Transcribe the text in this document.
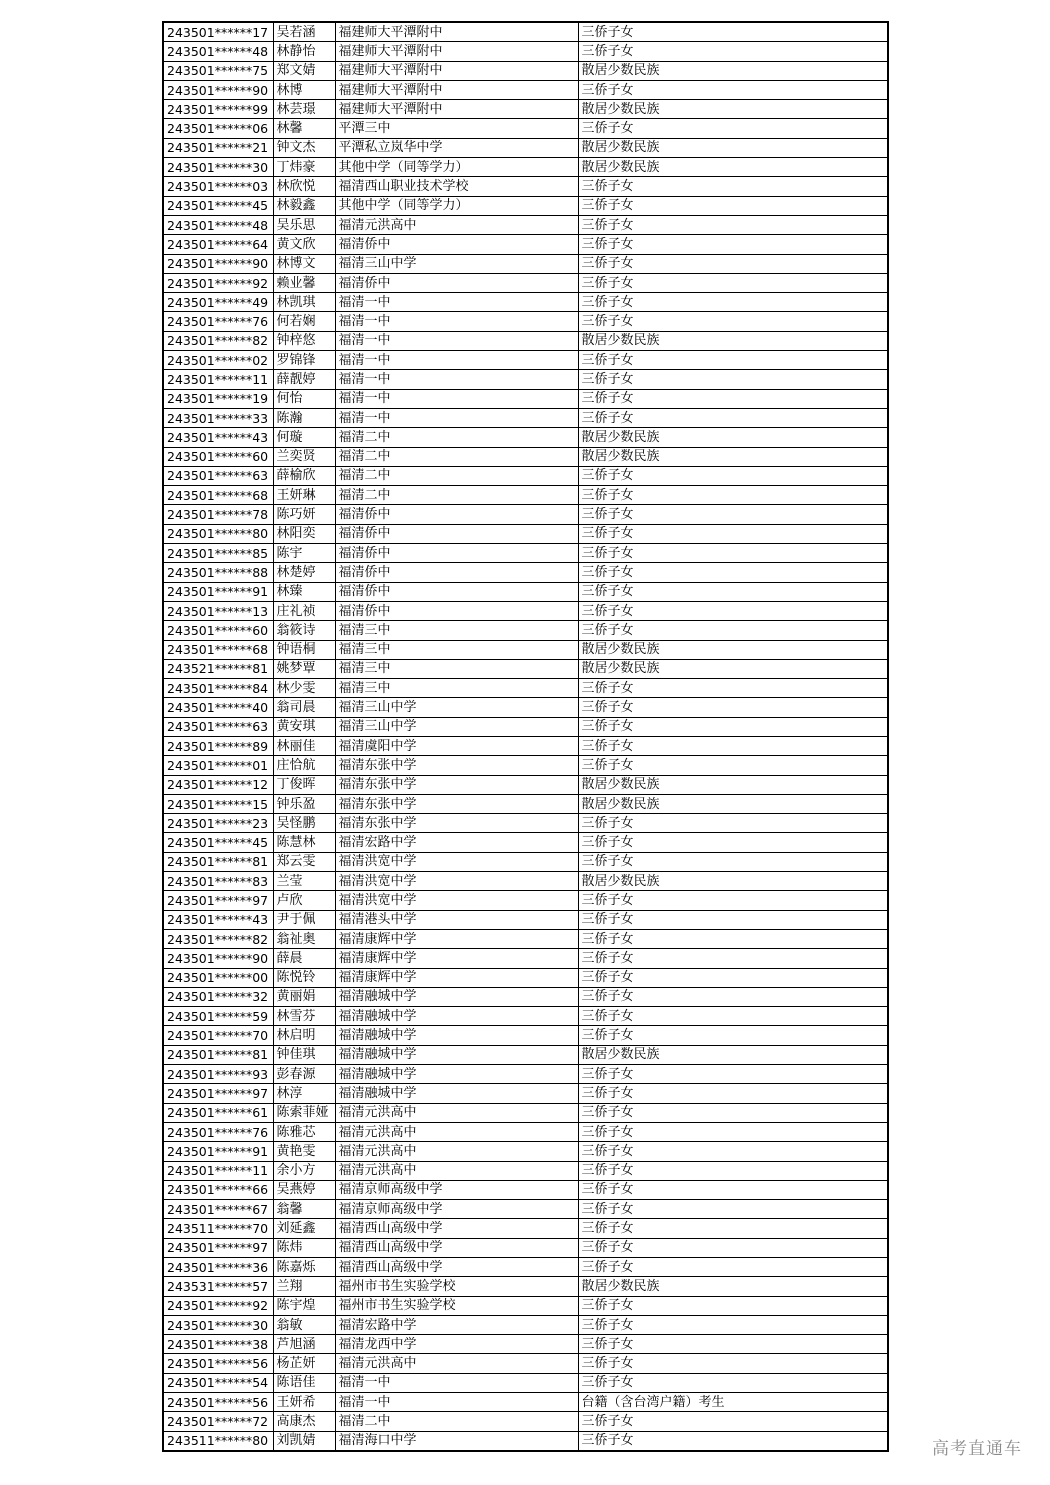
243501******17	吴若涵	福建师大平潭附中	三侨子女
243501******48	林静怡	福建师大平潭附中	三侨子女
243501******75	郑文婧	福建师大平潭附中	散居少数民族
243501******90	林博	福建师大平潭附中	三侨子女
243501******99	林芸璟	福建师大平潭附中	散居少数民族
243501******06	林馨	平潭三中	三侨子女
243501******21	钟文杰	平潭私立岚华中学	散居少数民族
243501******30	丁炜豪	其他中学（同等学力）	散居少数民族
243501******03	林欣悦	福清西山职业技术学校	三侨子女
243501******45	林毅鑫	其他中学（同等学力）	三侨子女
243501******48	吴乐思	福清元洪高中	三侨子女
243501******64	黄文欣	福清侨中	三侨子女
243501******90	林博文	福清三山中学	三侨子女
243501******92	赖业馨	福清侨中	三侨子女
243501******49	林凯琪	福清一中	三侨子女
243501******76	何若娴	福清一中	三侨子女
243501******82	钟梓悠	福清一中	散居少数民族
243501******02	罗锦锋	福清一中	三侨子女
243501******11	薛靓婷	福清一中	三侨子女
243501******19	何怡	福清一中	三侨子女
243501******33	陈瀚	福清一中	三侨子女
243501******43	何璇	福清二中	散居少数民族
243501******60	兰奕贤	福清二中	散居少数民族
243501******63	薛榆欣	福清二中	三侨子女
243501******68	王妍琳	福清二中	三侨子女
243501******78	陈巧妍	福清侨中	三侨子女
243501******80	林阳奕	福清侨中	三侨子女
243501******85	陈宇	福清侨中	三侨子女
243501******88	林楚婷	福清侨中	三侨子女
243501******91	林臻	福清侨中	三侨子女
243501******13	庄礼祯	福清侨中	三侨子女
243501******60	翁筱诗	福清三中	三侨子女
243501******68	钟语桐	福清三中	散居少数民族
243521******81	姚梦覃	福清三中	散居少数民族
243501******84	林少雯	福清三中	三侨子女
243501******40	翁司晨	福清三山中学	三侨子女
243501******63	黄安琪	福清三山中学	三侨子女
243501******89	林丽佳	福清虞阳中学	三侨子女
243501******01	庄恰航	福清东张中学	三侨子女
243501******12	丁俊晖	福清东张中学	散居少数民族
243501******15	钟乐盈	福清东张中学	散居少数民族
243501******23	吴怪鹏	福清东张中学	三侨子女
243501******45	陈慧林	福清宏路中学	三侨子女
243501******81	郑云雯	福清洪宽中学	三侨子女
243501******83	兰莹	福清洪宽中学	散居少数民族
243501******97	卢欣	福清洪宽中学	三侨子女
243501******43	尹于佩	福清港头中学	三侨子女
243501******82	翁祉奥	福清康辉中学	三侨子女
243501******90	薛晨	福清康辉中学	三侨子女
243501******00	陈悦铃	福清康辉中学	三侨子女
243501******32	黄丽娟	福清融城中学	三侨子女
243501******59	林雪芬	福清融城中学	三侨子女
243501******70	林启明	福清融城中学	三侨子女
243501******81	钟佳琪	福清融城中学	散居少数民族
243501******93	彭春源	福清融城中学	三侨子女
243501******97	林淳	福清融城中学	三侨子女
243501******61	陈索菲娅	福清元洪高中	三侨子女
243501******76	陈雅芯	福清元洪高中	三侨子女
243501******91	黄艳雯	福清元洪高中	三侨子女
243501******11	余小方	福清元洪高中	三侨子女
243501******66	吴燕婷	福清京师高级中学	三侨子女
243501******67	翁馨	福清京师高级中学	三侨子女
243511******70	刘延鑫	福清西山高级中学	三侨子女
243501******97	陈炜	福清西山高级中学	三侨子女
243501******36	陈嘉烁	福清西山高级中学	三侨子女
243531******57	兰翔	福州市书生实验学校	散居少数民族
243501******92	陈宇煌	福州市书生实验学校	三侨子女
243501******30	翁敏	福清宏路中学	三侨子女
243501******38	芦旭涵	福清龙西中学	三侨子女
243501******56	杨芷妍	福清元洪高中	三侨子女
243501******54	陈语佳	福清一中	三侨子女
243501******56	王妍希	福清一中	台籍（含台湾户籍）考生
243501******72	高康杰	福清二中	三侨子女
243511******80	刘凯婧	福清海口中学	三侨子女	高考直通车
